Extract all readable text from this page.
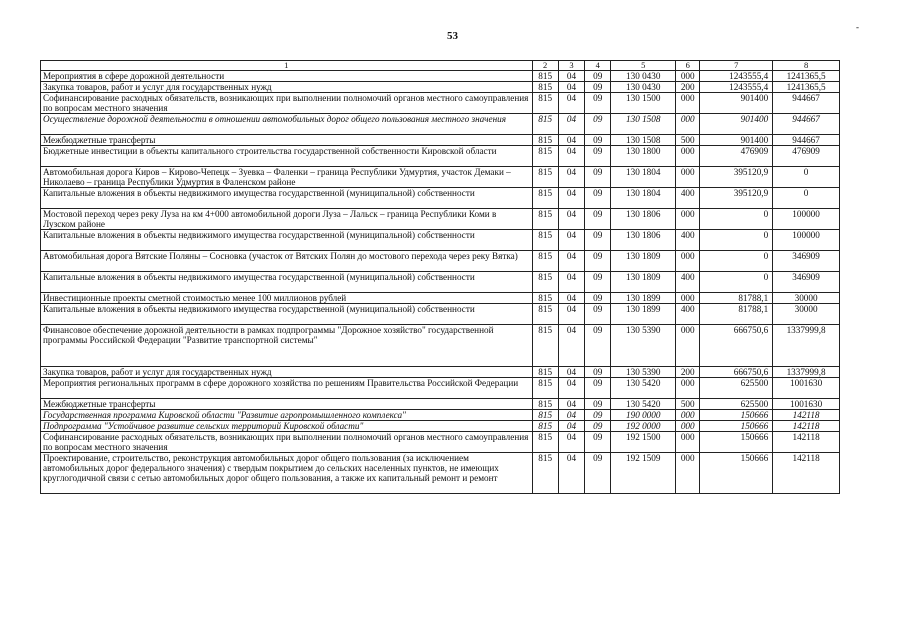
53
-
1	2	3	4	5	6	7	8
Мероприятия в сфере дорожной деятельности	815	04	09	130 0430	000	1243555,4	1241365,5
Закупка товаров, работ и услуг для государственных нужд	815	04	09	130 0430	200	1243555,4	1241365,5
Софинансирование расходных обязательств, возникающих при выполнении полномочий органов местного самоуправления по вопросам местного значения	815	04	09	130 1500	000	901400	944667
Осуществление дорожной деятельности в отношении автомобильных дорог общего пользования местного значения	815	04	09	130 1508	000	901400	944667
Межбюджетные трансферты	815	04	09	130 1508	500	901400	944667
Бюджетные инвестиции в объекты капитального строительства государственной собственности Кировской области	815	04	09	130 1800	000	476909	476909
Автомобильная дорога Киров – Кирово-Чепецк – Зуевка – Фаленки – граница Республики Удмуртия, участок Демаки – Николаево – граница Республики Удмуртия в Фаленском районе	815	04	09	130 1804	000	395120,9	0
Капитальные вложения в объекты недвижимого имущества государственной (муниципальной) собственности	815	04	09	130 1804	400	395120,9	0
Мостовой переход через реку Луза на км 4+000 автомобильной дороги Луза – Лальск – граница Республики Коми в Лузском районе	815	04	09	130 1806	000	0	100000
Капитальные вложения в объекты недвижимого имущества государственной (муниципальной) собственности	815	04	09	130 1806	400	0	100000
Автомобильная дорога Вятские Поляны – Сосновка (участок от Вятских Полян до мостового перехода через реку Вятка)	815	04	09	130 1809	000	0	346909
Капитальные вложения в объекты недвижимого имущества государственной (муниципальной) собственности	815	04	09	130 1809	400	0	346909
Инвестиционные проекты сметной стоимостью менее 100 миллионов рублей	815	04	09	130 1899	000	81788,1	30000
Капитальные вложения в объекты недвижимого имущества государственной (муниципальной) собственности	815	04	09	130 1899	400	81788,1	30000
Финансовое обеспечение дорожной деятельности в рамках подпрограммы "Дорожное хозяйство" государственной программы Российской Федерации "Развитие транспортной системы"	815	04	09	130 5390	000	666750,6	1337999,8
Закупка товаров, работ и услуг для государственных нужд	815	04	09	130 5390	200	666750,6	1337999,8
Мероприятия региональных программ в сфере дорожного хозяйства по решениям Правительства Российской Федерации	815	04	09	130 5420	000	625500	1001630
Межбюджетные трансферты	815	04	09	130 5420	500	625500	1001630
Государственная программа Кировской области "Развитие агропромышленного комплекса"	815	04	09	190 0000	000	150666	142118
Подпрограмма "Устойчивое развитие сельских территорий Кировской области"	815	04	09	192 0000	000	150666	142118
Софинансирование расходных обязательств, возникающих при выполнении полномочий органов местного самоуправления по вопросам местного значения	815	04	09	192 1500	000	150666	142118
Проектирование, строительство, реконструкция автомобильных дорог общего пользования (за исключением автомобильных дорог федерального значения) с твердым покрытием до сельских населенных пунктов, не имеющих круглогодичной связи с сетью автомобильных дорог общего пользования, а также их капитальный ремонт и ремонт	815	04	09	192 1509	000	150666	142118
